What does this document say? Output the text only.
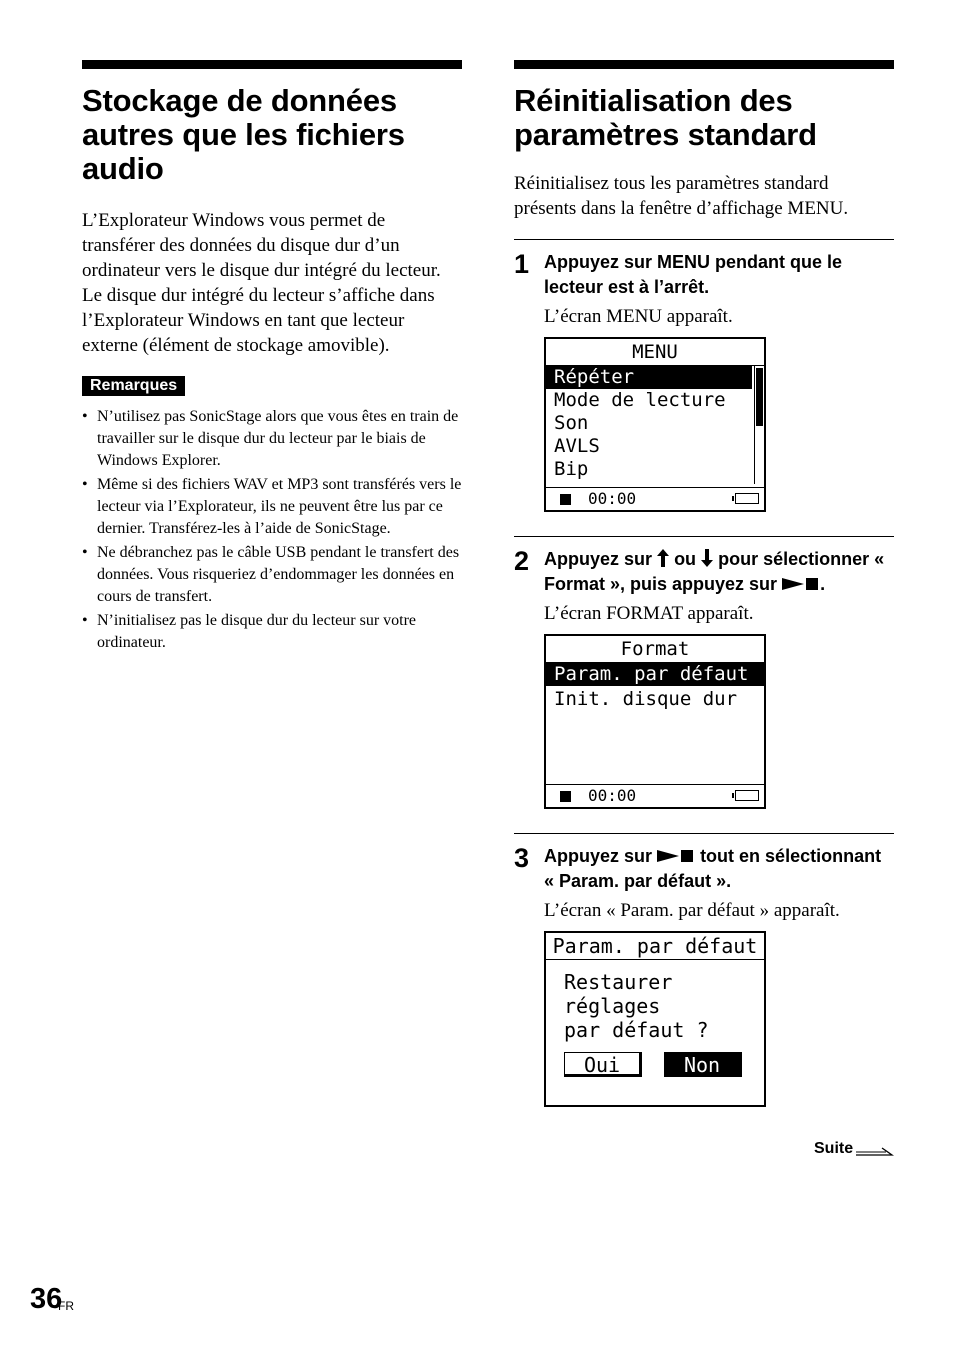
Stockage de données autres que les fichiers audio

L’Explorateur Windows vous permet de transférer des données du disque dur d’un ordinateur vers le disque dur intégré du lecteur.

Le disque dur intégré du lecteur s’affiche dans l’Explorateur Windows en tant que lecteur externe (élément de stockage amovible).

Remarques
• N’utilisez pas SonicStage alors que vous êtes en train de travailler sur le disque dur du lecteur par le biais de Windows Explorer.
• Même si des fichiers WAV et MP3 sont transférés vers le lecteur via l’Explorateur, ils ne peuvent être lus par ce dernier. Transférez-les à l’aide de SonicStage.
• Ne débranchez pas le câble USB pendant le transfert des données. Vous risqueriez d’endommager les données en cours de transfert.
• N’initialisez pas le disque dur du lecteur sur votre ordinateur.
Réinitialisation des paramètres standard

Réinitialisez tous les paramètres standard présents dans la fenêtre d’affichage MENU.

1 Appuyez sur MENU pendant que le lecteur est à l’arrêt.

L’écran MENU apparaît.

MENU
Répéter
Mode de lecture
Son
AVLS
Bip
00:00
2 Appuyez sur ou pour sélectionner « Format », puis appuyez sur .

L’écran FORMAT apparaît.

Format
Param. par défaut
Init. disque dur
00:00
3 Appuyez sur	tout en sélectionnant « Param. par défaut ».

L’écran « Param. par défaut » apparaît.

Param. par défaut
Restaurer
réglages
par défaut ?
Oui	Non
Suite
36
FR
